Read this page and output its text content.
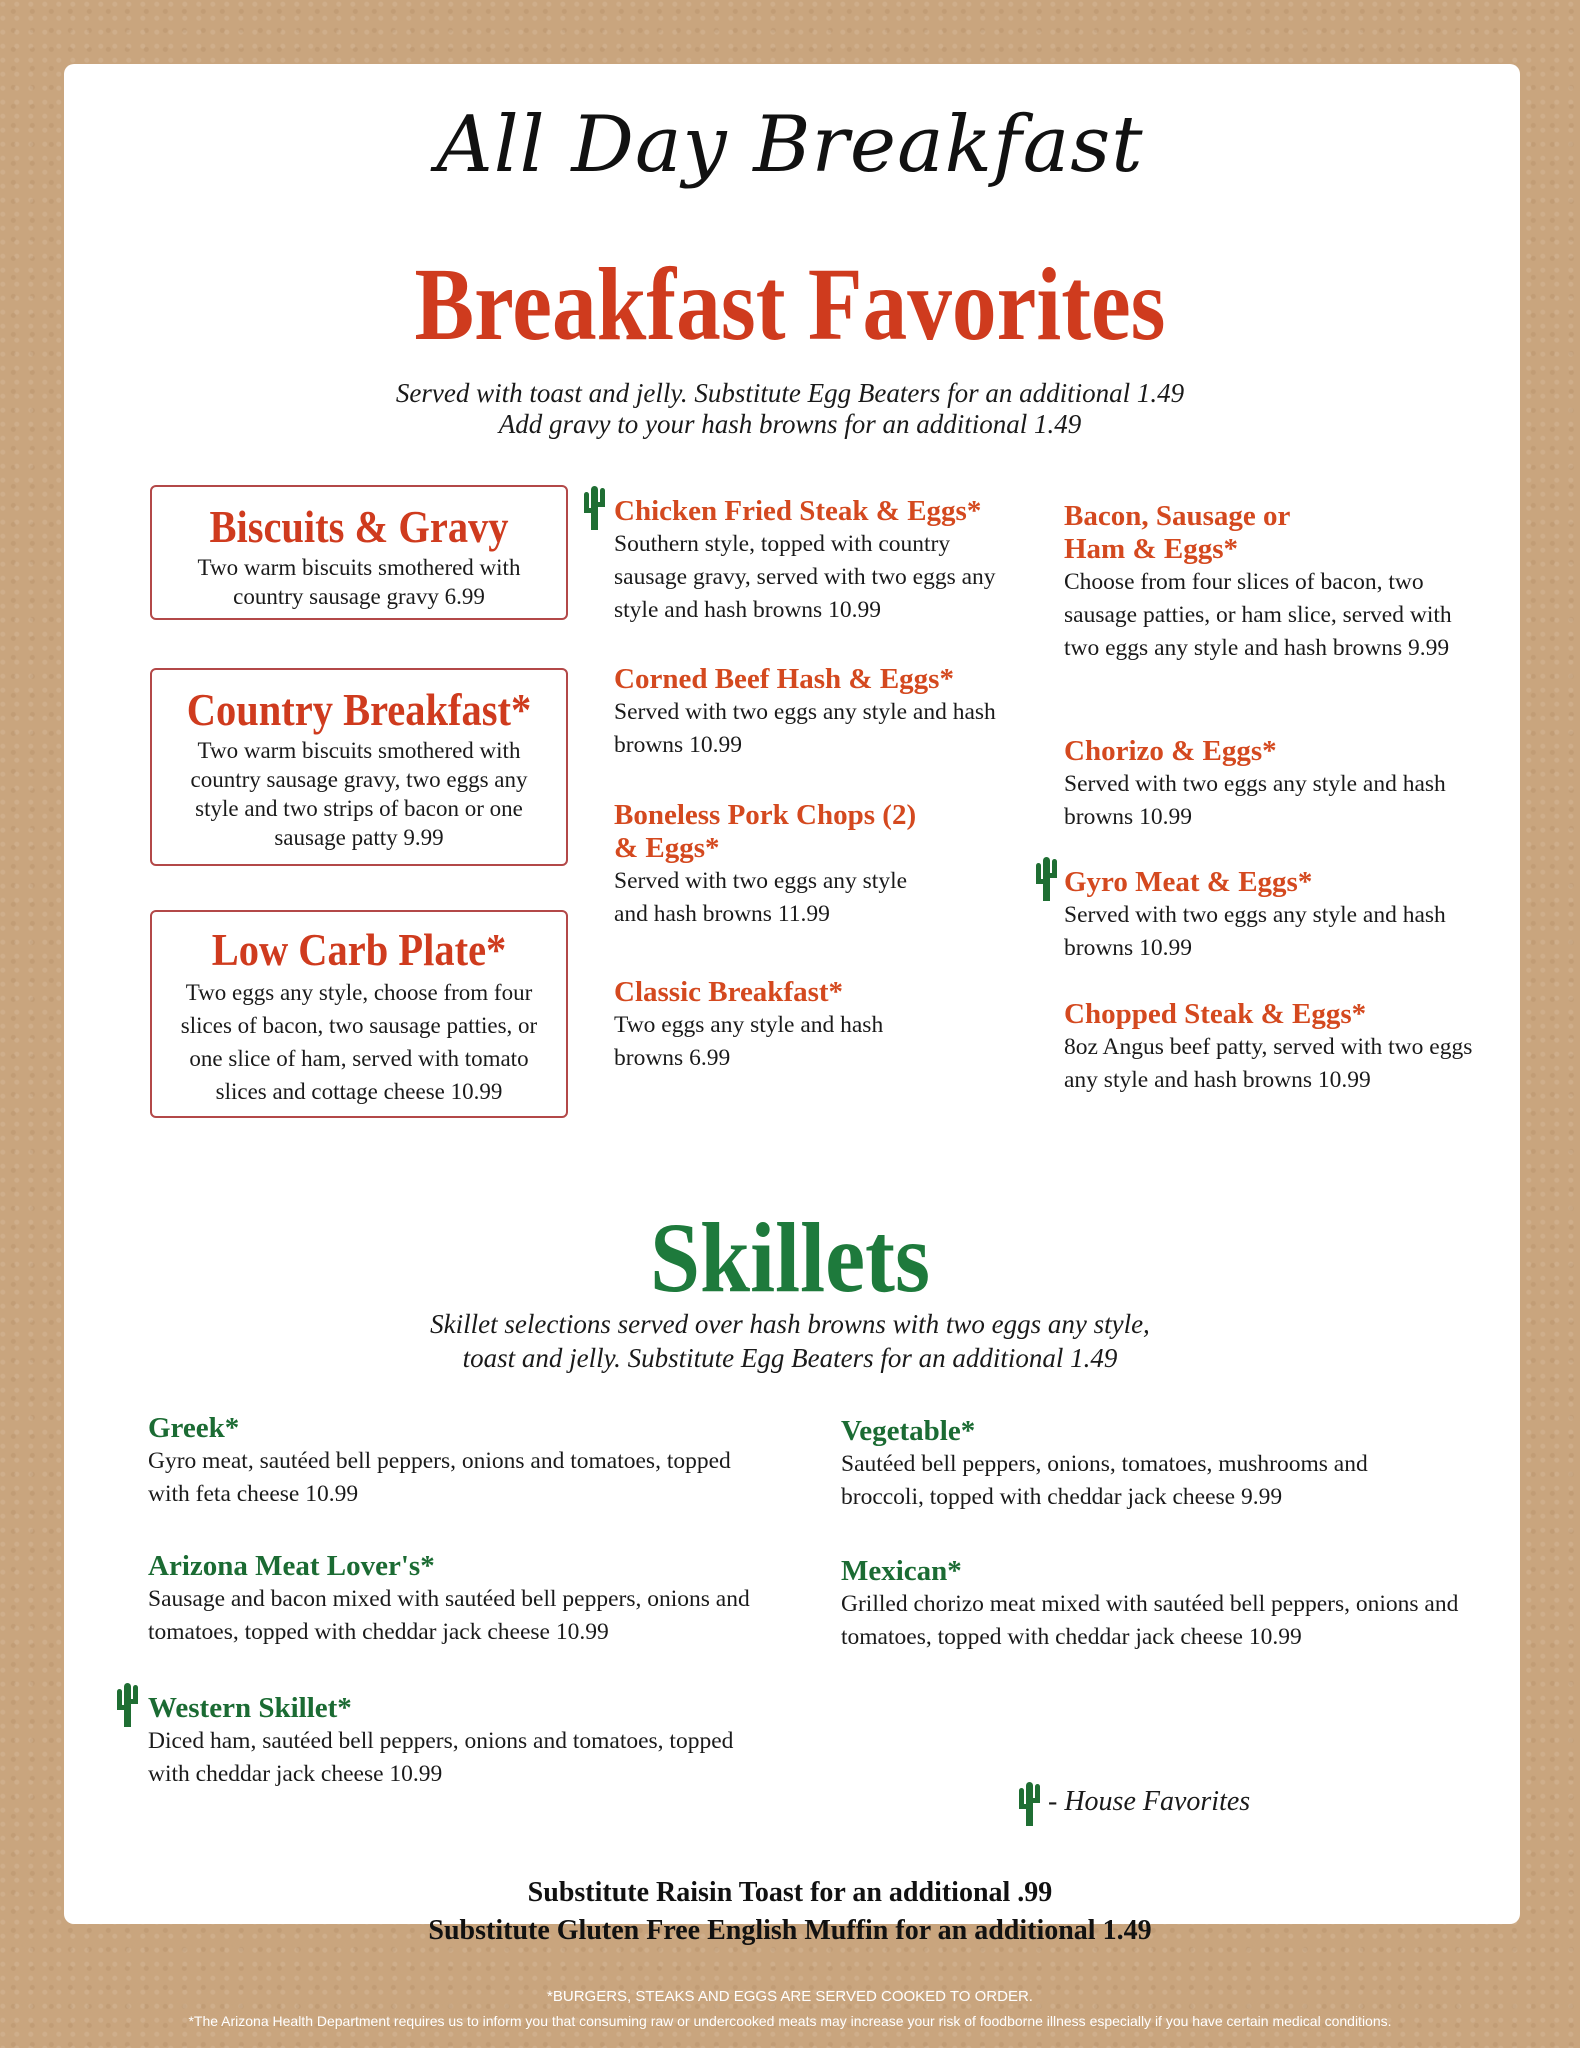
All Day Breakfast
Breakfast Favorites
Served with toast and jelly. Substitute Egg Beaters for an additional 1.49
Add gravy to your hash browns for an additional 1.49
Biscuits & Gravy
Two warm biscuits smothered with country sausage gravy 6.99
Country Breakfast*
Two warm biscuits smothered with country sausage gravy, two eggs any style and two strips of bacon or one sausage patty 9.99
Low Carb Plate*
Two eggs any style, choose from four slices of bacon, two sausage patties, or one slice of ham, served with tomato slices and cottage cheese 10.99
Chicken Fried Steak & Eggs*
Southern style, topped with country sausage gravy, served with two eggs any style and hash browns 10.99
Corned Beef Hash & Eggs*
Served with two eggs any style and hash browns 10.99
Boneless Pork Chops (2) & Eggs*
Served with two eggs any style and hash browns 11.99
Classic Breakfast*
Two eggs any style and hash browns 6.99
Bacon, Sausage or Ham & Eggs*
Choose from four slices of bacon, two sausage patties, or ham slice, served with two eggs any style and hash browns 9.99
Chorizo & Eggs*
Served with two eggs any style and hash browns 10.99
Gyro Meat & Eggs*
Served with two eggs any style and hash browns 10.99
Chopped Steak & Eggs*
8oz Angus beef patty, served with two eggs any style and hash browns 10.99
Skillets
Skillet selections served over hash browns with two eggs any style,
toast and jelly. Substitute Egg Beaters for an additional 1.49
Greek*
Gyro meat, sautéed bell peppers, onions and tomatoes, topped with feta cheese 10.99
Arizona Meat Lover's*
Sausage and bacon mixed with sautéed bell peppers, onions and tomatoes, topped with cheddar jack cheese 10.99
Western Skillet*
Diced ham, sautéed bell peppers, onions and tomatoes, topped with cheddar jack cheese 10.99
Vegetable*
Sautéed bell peppers, onions, tomatoes, mushrooms and broccoli, topped with cheddar jack cheese 9.99
Mexican*
Grilled chorizo meat mixed with sautéed bell peppers, onions and tomatoes, topped with cheddar jack cheese 10.99
- House Favorites
Substitute Raisin Toast for an additional .99
Substitute Gluten Free English Muffin for an additional 1.49
*BURGERS, STEAKS AND EGGS ARE SERVED COOKED TO ORDER.
*The Arizona Health Department requires us to inform you that consuming raw or undercooked meats may increase your risk of foodborne illness especially if you have certain medical conditions.
